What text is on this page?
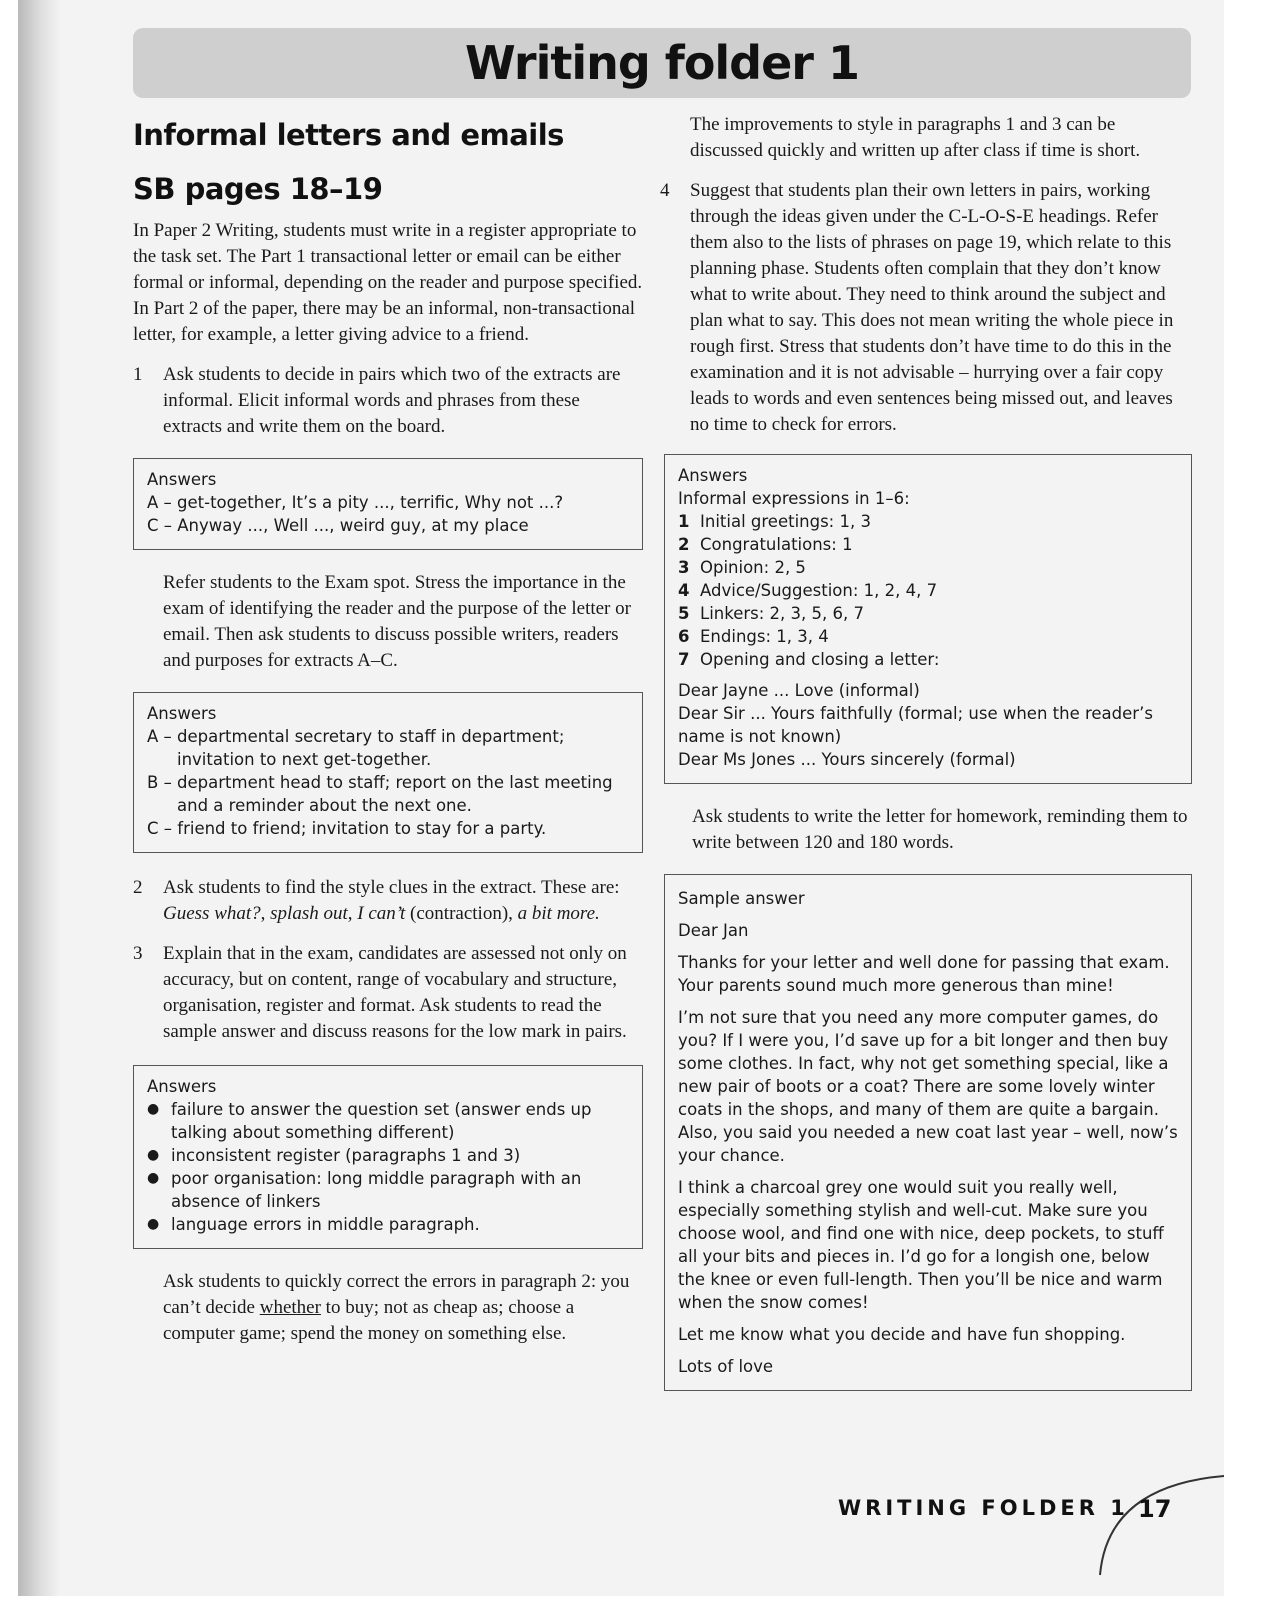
Writing folder 1
Informal letters and emails
SB pages 18–19

In Paper 2 Writing, students must write in a register appropriate to the task set. The Part 1 transactional letter or email can be either formal or informal, depending on the reader and purpose specified. In Part 2 of the paper, there may be an informal, non-transactional letter, for example, a letter giving advice to a friend.

1 Ask students to decide in pairs which two of the extracts are informal. Elicit informal words and phrases from these extracts and write them on the board.
Answers
A – get-together, It’s a pity ..., terrific, Why not ...?
C – Anyway ..., Well ..., weird guy, at my place

Refer students to the Exam spot. Stress the importance in the exam of identifying the reader and the purpose of the letter or email. Then ask students to discuss possible writers, readers and purposes for extracts A–C.

Answers
A – departmental secretary to staff in department;
invitation to next get-together.
B – department head to staff; report on the last meeting
and a reminder about the next one.
C – friend to friend; invitation to stay for a party.
2 Ask students to find the style clues in the extract. These are: Guess what?, splash out, I can’t (contraction), a bit more.
3 Explain that in the exam, candidates are assessed not only on accuracy, but on content, range of vocabulary and structure, organisation, register and format. Ask students to read the sample answer and discuss reasons for the low mark in pairs.
Answers
● failure to answer the question set (answer ends up talking about something different)
● inconsistent register (paragraphs 1 and 3)
● poor organisation: long middle paragraph with an absence of linkers
● language errors in middle paragraph.

Ask students to quickly correct the errors in paragraph 2: you can’t decide whether to buy; not as cheap as; choose a computer game; spend the money on something else.

The improvements to style in paragraphs 1 and 3 can be discussed quickly and written up after class if time is short.

4 Suggest that students plan their own letters in pairs, working through the ideas given under the C-L-O-S-E headings. Refer them also to the lists of phrases on page 19, which relate to this planning phase. Students often complain that they don’t know what to write about. They need to think around the subject and plan what to say. This does not mean writing the whole piece in rough first. Stress that students don’t have time to do this in the examination and it is not advisable – hurrying over a fair copy leads to words and even sentences being missed out, and leaves no time to check for errors.
Answers
Informal expressions in 1–6:
1 Initial greetings: 1, 3
2 Congratulations: 1
3 Opinion: 2, 5
4 Advice/Suggestion: 1, 2, 4, 7
5 Linkers: 2, 3, 5, 6, 7
6 Endings: 1, 3, 4
7 Opening and closing a letter:
Dear Jayne ... Love (informal)
Dear Sir ... Yours faithfully (formal; use when the reader’s name is not known)
Dear Ms Jones ... Yours sincerely (formal)

Ask students to write the letter for homework, reminding them to write between 120 and 180 words.

Sample answer

Dear Jan

Thanks for your letter and well done for passing that exam. Your parents sound much more generous than mine!

I’m not sure that you need any more computer games, do you? If I were you, I’d save up for a bit longer and then buy some clothes. In fact, why not get something special, like a new pair of boots or a coat? There are some lovely winter coats in the shops, and many of them are quite a bargain. Also, you said you needed a new coat last year – well, now’s your chance.

I think a charcoal grey one would suit you really well, especially something stylish and well-cut. Make sure you choose wool, and find one with nice, deep pockets, to stuff all your bits and pieces in. I’d go for a longish one, below the knee or even full-length. Then you’ll be nice and warm when the snow comes!

Let me know what you decide and have fun shopping.

Lots of love

WRITING FOLDER 1 17
